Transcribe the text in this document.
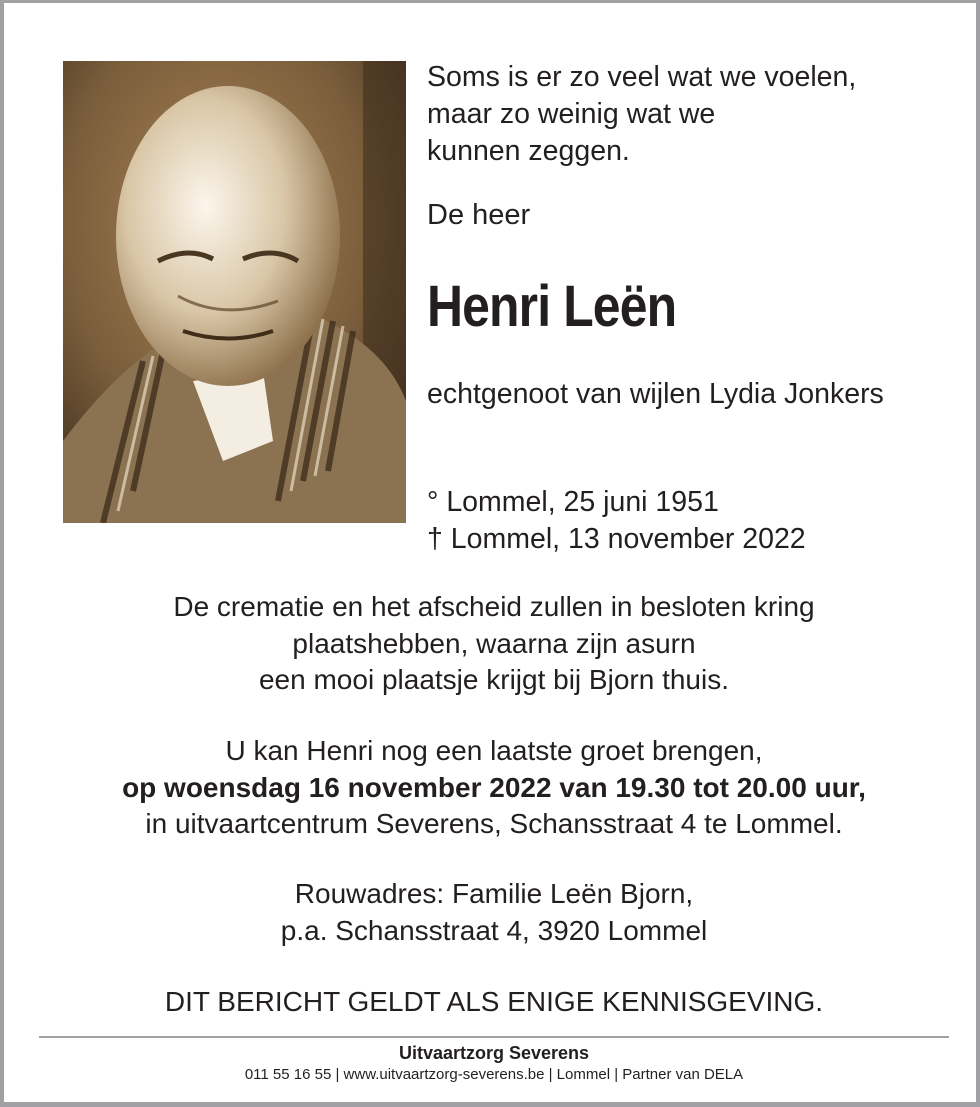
Soms is er zo veel wat we voelen,
maar zo weinig wat we
kunnen zeggen.
De heer
Henri Leën
echtgenoot van wijlen Lydia Jonkers
° Lommel, 25 juni 1951
† Lommel, 13 november 2022
De crematie en het afscheid zullen in besloten kring
plaatshebben, waarna zijn asurn
een mooi plaatsje krijgt bij Bjorn thuis.
U kan Henri nog een laatste groet brengen,
op woensdag 16 november 2022 van 19.30 tot 20.00 uur,
in uitvaartcentrum Severens, Schansstraat 4 te Lommel.
Rouwadres: Familie Leën Bjorn,
p.a. Schansstraat 4, 3920 Lommel
DIT BERICHT GELDT ALS ENIGE KENNISGEVING.
Uitvaartzorg Severens
011 55 16 55 | www.uitvaartzorg-severens.be | Lommel | Partner van DELA
